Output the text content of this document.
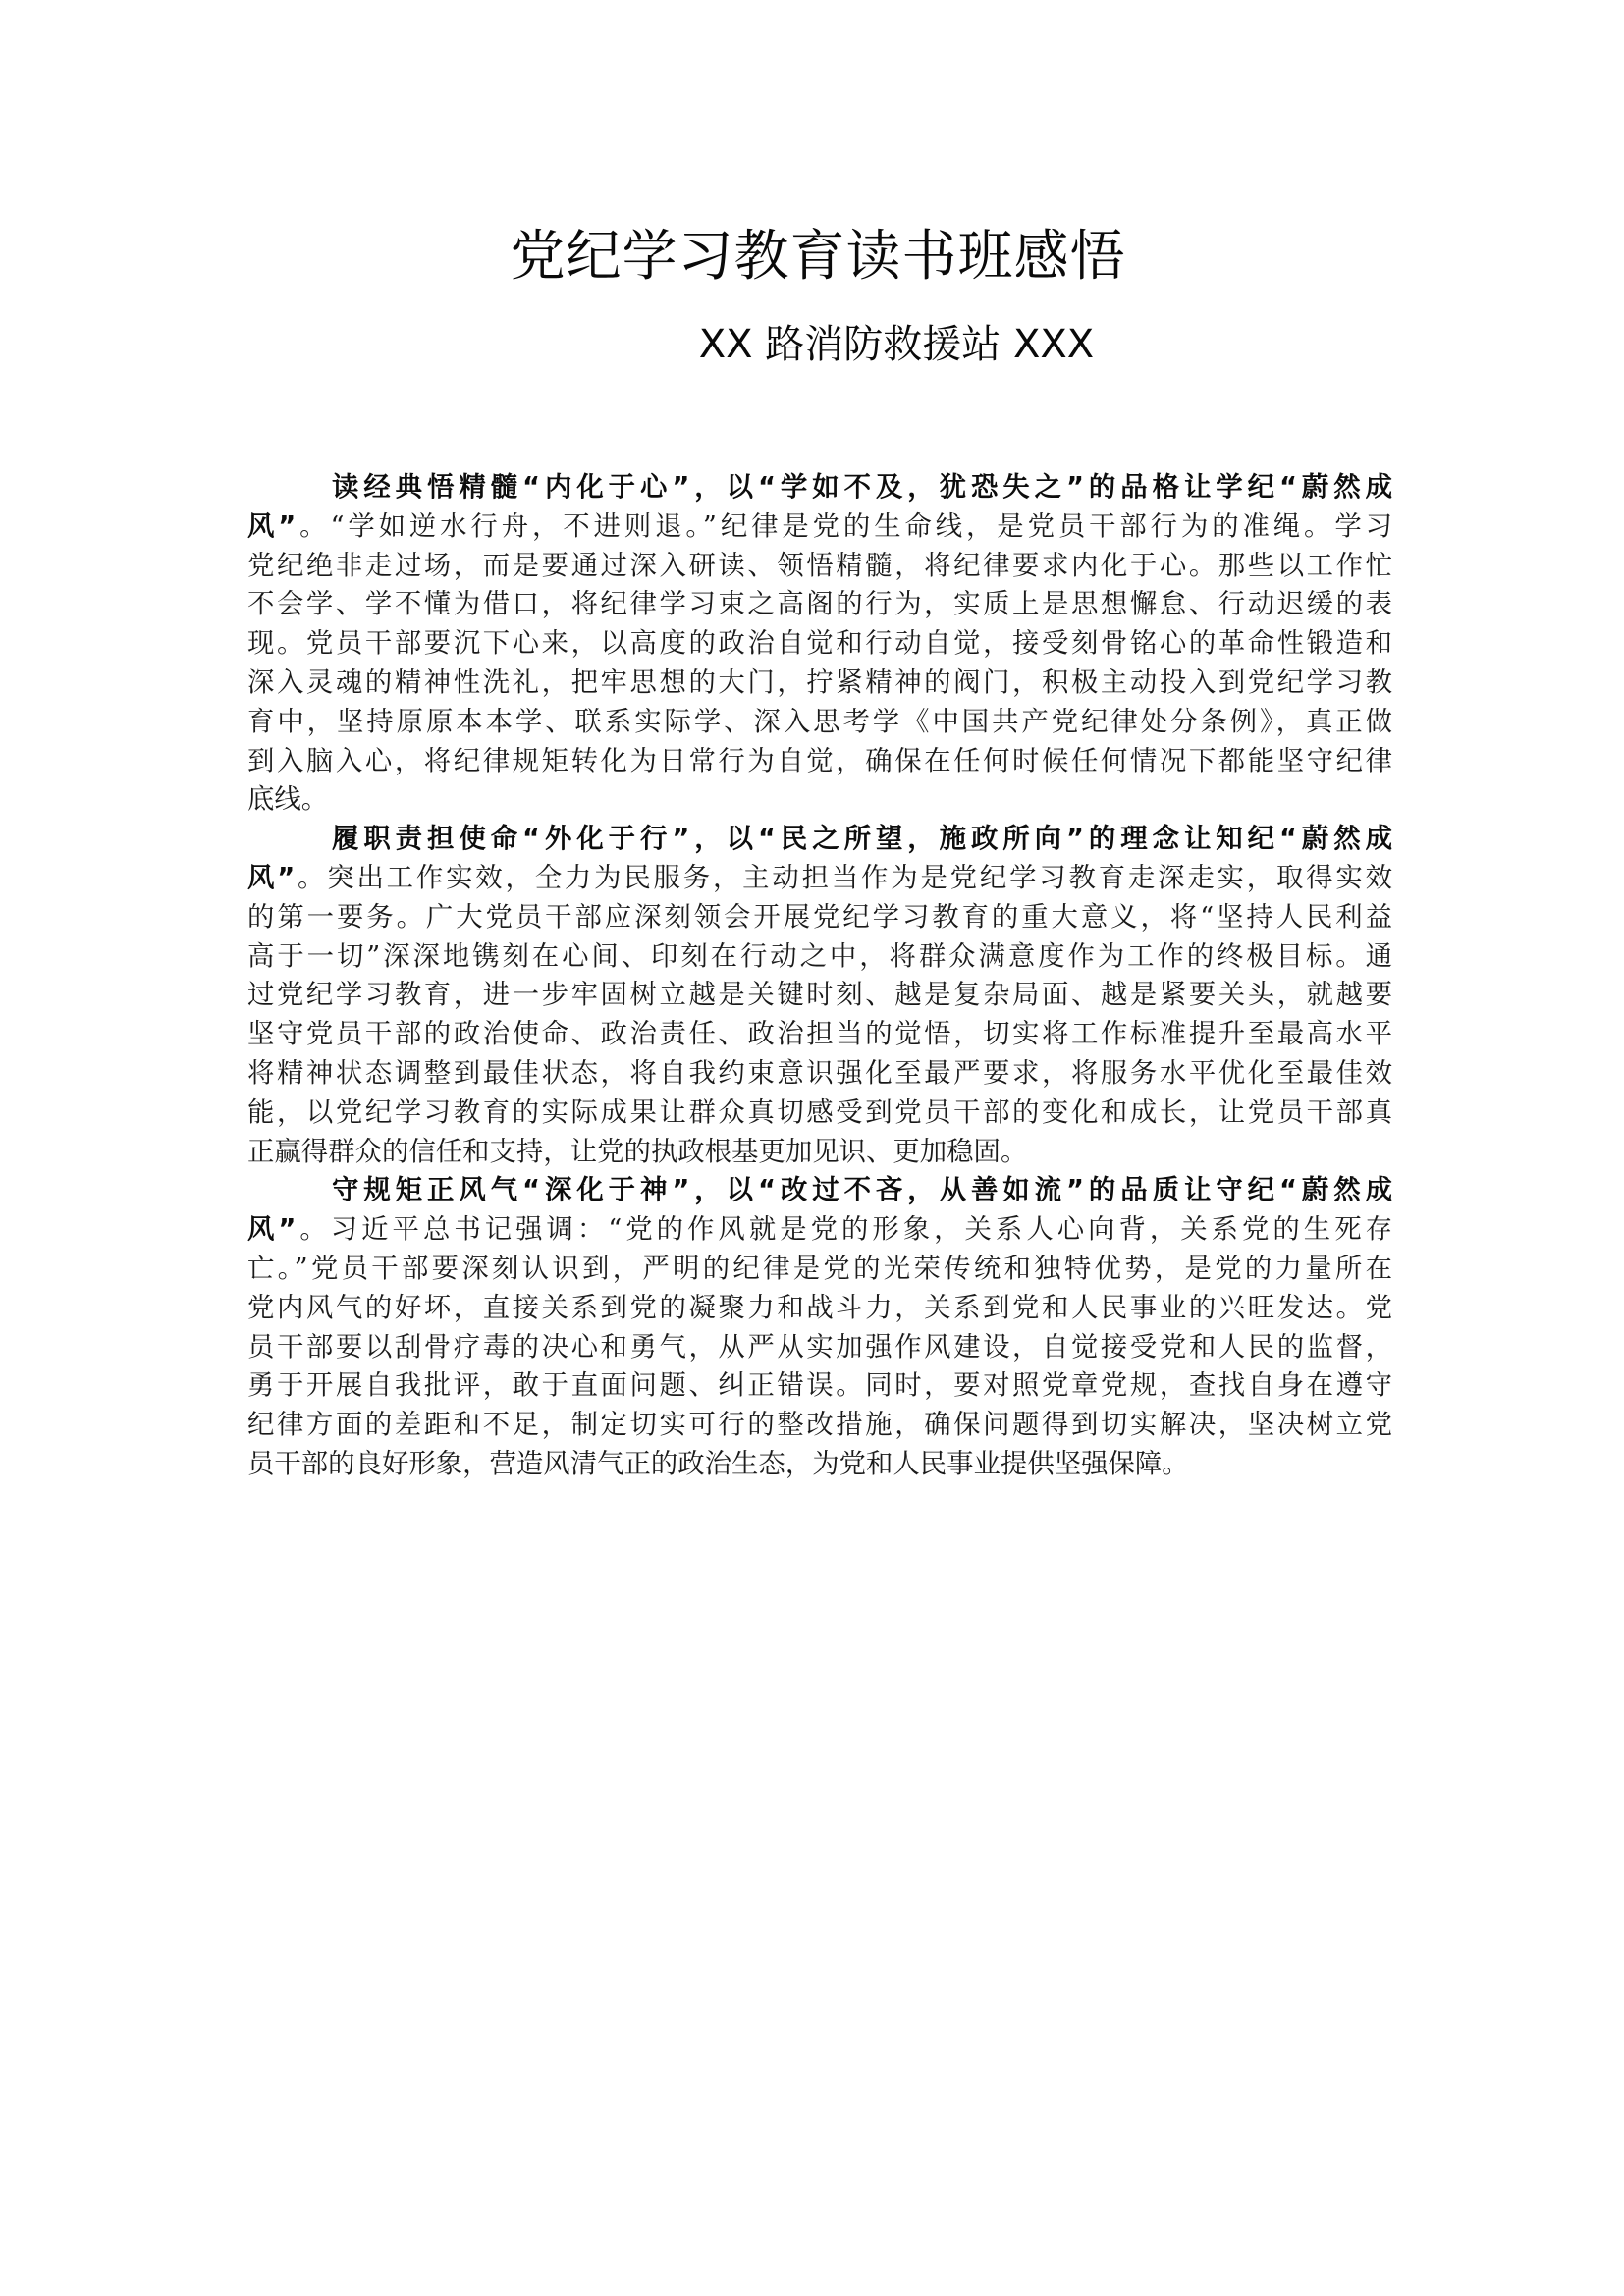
党纪学习教育读书班感悟
XX 路消防救援站 XXX
读经典悟精髓“内化于心”，以“学如不及，犹恐失之”的品格让学纪“蔚然成
风”。“学如逆水行舟，不进则退。”纪律是党的生命线，是党员干部行为的准绳。学习
党纪绝非走过场，而是要通过深入研读、领悟精髓，将纪律要求内化于心。那些以工作忙
不会学、学不懂为借口，将纪律学习束之高阁的行为，实质上是思想懈怠、行动迟缓的表
现。党员干部要沉下心来，以高度的政治自觉和行动自觉，接受刻骨铭心的革命性锻造和
深入灵魂的精神性洗礼，把牢思想的大门，拧紧精神的阀门，积极主动投入到党纪学习教
育中，坚持原原本本学、联系实际学、深入思考学《中国共产党纪律处分条例》，真正做
到入脑入心，将纪律规矩转化为日常行为自觉，确保在任何时候任何情况下都能坚守纪律
底线。
履职责担使命“外化于行”，以“民之所望，施政所向”的理念让知纪“蔚然成
风”。突出工作实效，全力为民服务，主动担当作为是党纪学习教育走深走实，取得实效
的第一要务。广大党员干部应深刻领会开展党纪学习教育的重大意义，将“坚持人民利益
高于一切”深深地镌刻在心间、印刻在行动之中，将群众满意度作为工作的终极目标。通
过党纪学习教育，进一步牢固树立越是关键时刻、越是复杂局面、越是紧要关头，就越要
坚守党员干部的政治使命、政治责任、政治担当的觉悟，切实将工作标准提升至最高水平
将精神状态调整到最佳状态，将自我约束意识强化至最严要求，将服务水平优化至最佳效
能，以党纪学习教育的实际成果让群众真切感受到党员干部的变化和成长，让党员干部真
正赢得群众的信任和支持，让党的执政根基更加见识、更加稳固。
守规矩正风气“深化于神”，以“改过不吝，从善如流”的品质让守纪“蔚然成
风”。习近平总书记强调：“党的作风就是党的形象，关系人心向背，关系党的生死存
亡。”党员干部要深刻认识到，严明的纪律是党的光荣传统和独特优势，是党的力量所在
党内风气的好坏，直接关系到党的凝聚力和战斗力，关系到党和人民事业的兴旺发达。党
员干部要以刮骨疗毒的决心和勇气，从严从实加强作风建设，自觉接受党和人民的监督，
勇于开展自我批评，敢于直面问题、纠正错误。同时，要对照党章党规，查找自身在遵守
纪律方面的差距和不足，制定切实可行的整改措施，确保问题得到切实解决，坚决树立党
员干部的良好形象，营造风清气正的政治生态，为党和人民事业提供坚强保障。
